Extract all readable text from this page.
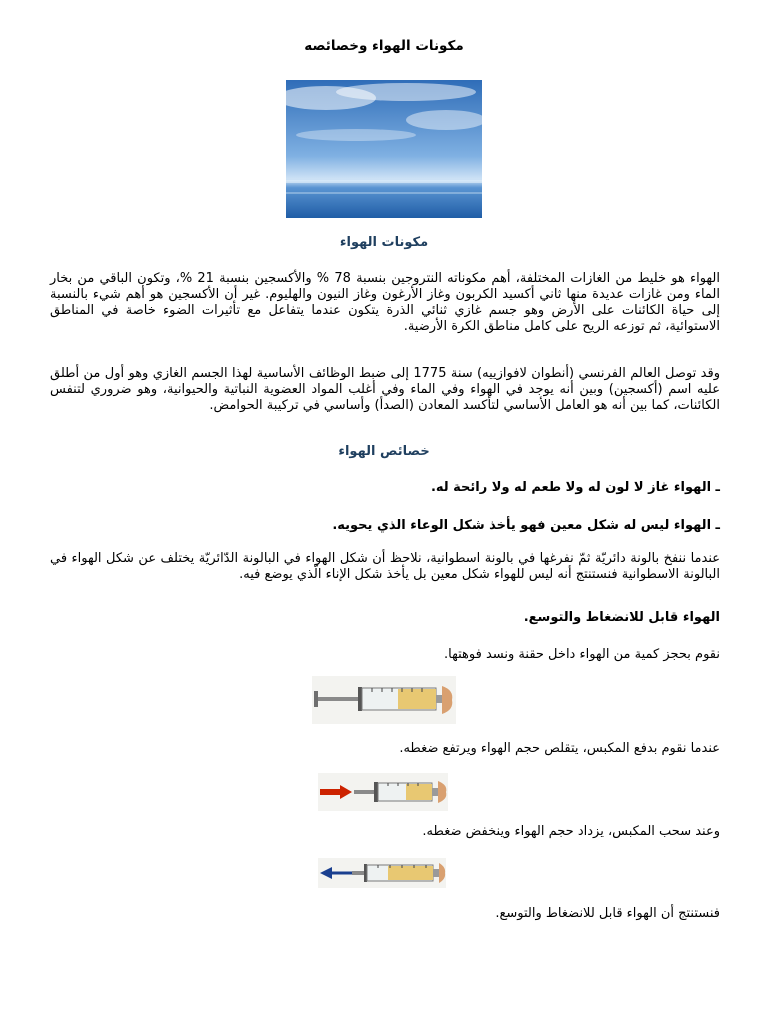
مكونات الهواء وخصائصه
مكونات الهواء
الهواء هو خليط من الغازات المختلفة، أهم مكوناته النتروجين بنسبة 78 % والأكسجين بنسبة 21 %، وتكون الباقي من بخار الماء ومن غازات عديدة منها ثاني أكسيد الكربون وغاز الأرغون وغاز النيون والهليوم. غير أن الأكسجين هو أهم شيء بالنسبة إلى حياة الكائنات على الأرض وهو جسم غازي ثنائي الذرة يتكون عندما يتفاعل مع تأثيرات الضوء خاصة في المناطق الاستوائية، ثم توزعه الريح على كامل مناطق الكرة الأرضية.
وقد توصل العالم الفرنسي (أنطوان لافوازييه) سنة 1775 إلى ضبط الوظائف الأساسية لهذا الجسم الغازي وهو أول من أطلق عليه اسم (أكسجين) وبين أنه يوجد في الهواء وفي الماء وفي أغلب المواد العضوية النباتية والحيوانية، وهو ضروري لتنفس الكائنات، كما بين أنه هو العامل الأساسي لتأكسد المعادن (الصدأ) وأساسي في تركيبة الحوامض.
خصائص الهواء
ـ الهواء غاز لا لون له ولا طعم له ولا رائحة له.
ـ الهواء ليس له شكل معين فهو يأخذ شكل الوعاء الذي يحويه.
عندما ننفخ بالونة دائريّة ثمّ نفرغها في بالونة اسطوانية، نلاحظ أن شكل الهواء في البالونة الدّائريّة يختلف عن شكل الهواء في البالونة الاسطوانية فنستنتج أنه ليس للهواء شكل معين بل يأخذ شكل الإناء الّذي يوضع فيه.
الهواء قابل للانضغاط والتوسع.
نقوم بحجز كمية من الهواء داخل حقنة ونسد فوهتها.
عندما نقوم بدفع المكبس، يتقلص حجم الهواء ويرتفع ضغطه.
وعند سحب المكبس، يزداد حجم الهواء وينخفض ضغطه.
فنستنتج أن الهواء قابل للانضغاط والتوسع.
